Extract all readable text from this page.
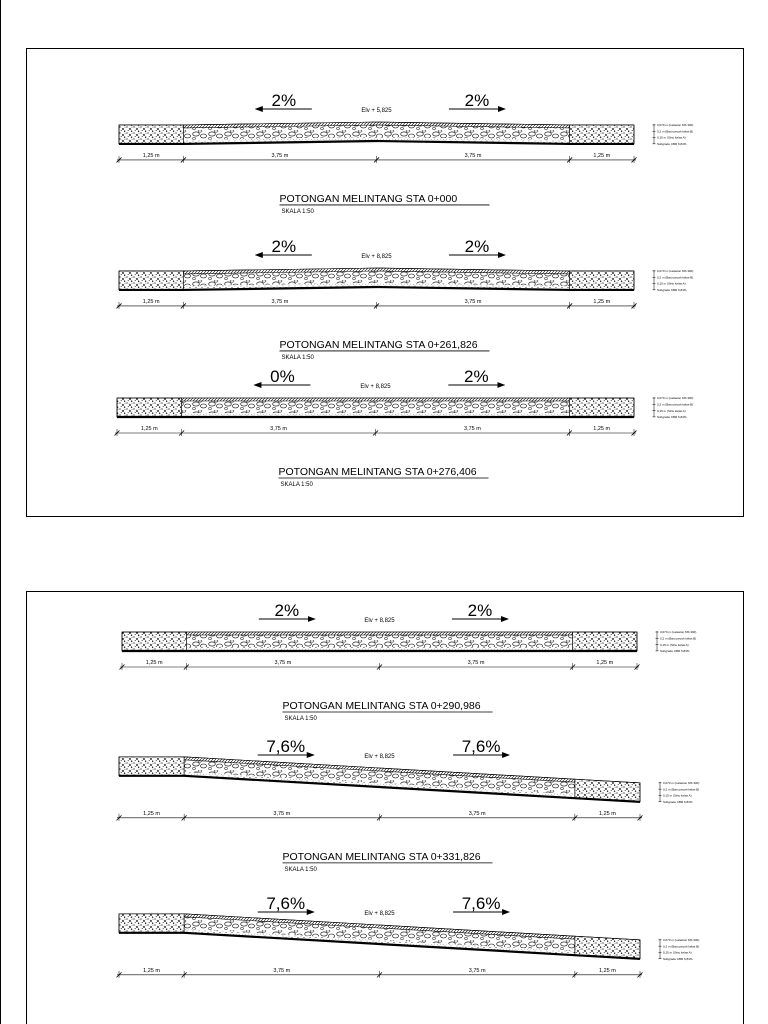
2%	2%
Elv + 5,825
1,25 m	3,75 m	3,75 m	1,25 m
0,070 m (Lataston MS 300)
0,2 m (Batu pecah kelas B)
0,15 m (Sirtu kelas A)
Subgrade CBR 6,84%
POTONGAN MELINTANG STA 0+000
SKALA 1:50
2%	2%
Elv + 8,825
1,25 m	3,75 m	3,75 m	1,25 m
0,070 m (Lataston MS 300)
0,2 m (Batu pecah kelas B)
0,15 m (Sirtu kelas A)
Subgrade CBR 6,84%
POTONGAN MELINTANG STA 0+261,826
SKALA 1:50
0%	2%
Elv + 8,825
1,25 m	3,75 m	3,75 m	1,25 m
0,070 m (Lataston MS 300)
0,2 m (Batu pecah kelas B)
0,15 m (Sirtu kelas A)
Subgrade CBR 6,84%
POTONGAN MELINTANG STA 0+276,406
SKALA 1:50
2%	2%
Elv + 8,825
1,25 m	3,75 m	3,75 m	1,25 m
0,070 m (Lataston MS 300)
0,2 m (Batu pecah kelas B)
0,15 m (Sirtu kelas A)
Subgrade CBR 6,84%
POTONGAN MELINTANG STA 0+290,986
SKALA 1:50
7,6%	7,6%
Elv + 8,825
1,25 m	3,75 m	3,75 m	1,25 m
0,070 m (Lataston MS 300)
0,2 m (Batu pecah kelas B)
0,15 m (Sirtu kelas A)
Subgrade CBR 6,84%
POTONGAN MELINTANG STA 0+331,826
SKALA 1:50
7,6%	7,6%
Elv + 8,825
1,25 m	3,75 m	3,75 m	1,25 m
0,070 m (Lataston MS 300)
0,2 m (Batu pecah kelas B)
0,15 m (Sirtu kelas A)
Subgrade CBR 6,84%
